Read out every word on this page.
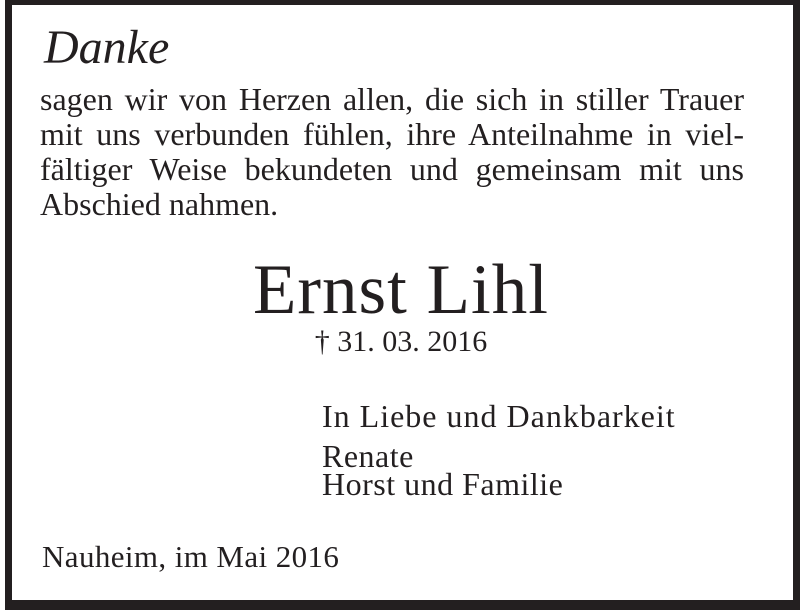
Danke
sagen wir von Herzen allen, die sich in stiller Trauer
mit uns verbunden fühlen, ihre Anteilnahme in viel-
fältiger Weise bekundeten und gemeinsam mit uns
Abschied nahmen.
Ernst Lihl
† 31. 03. 2016
In Liebe und Dankbarkeit
Renate
Horst und Familie
Nauheim, im Mai 2016
